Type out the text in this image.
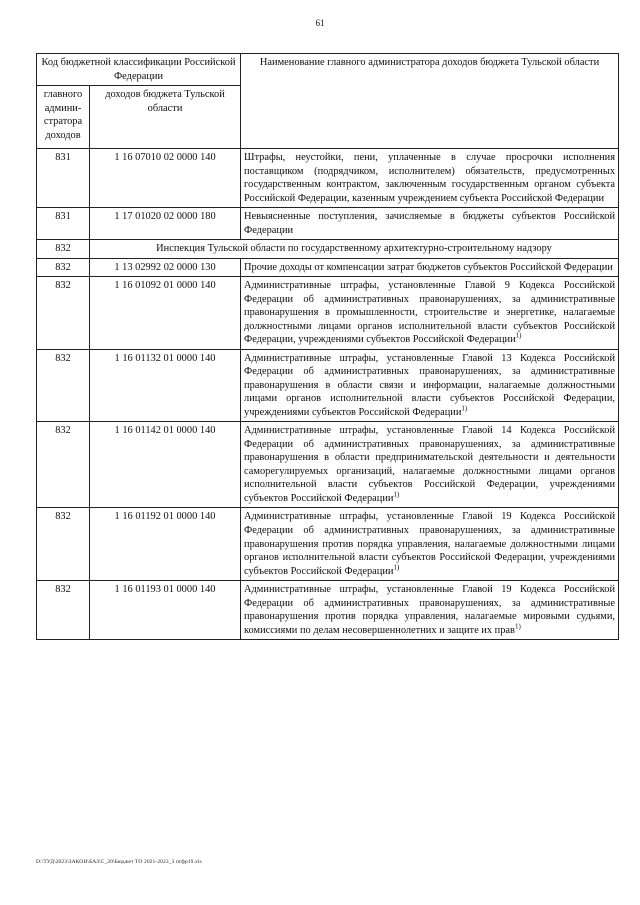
61
Код бюджетной классификации Российской Федерации		Наименование главного администратора доходов бюджета Тульской области
главного админи-стратора доходов	доходов бюджета Тульской области	
831	1 16 07010 02 0000 140	Штрафы, неустойки, пени, уплаченные в случае просрочки исполнения поставщиком (подрядчиком, исполнителем) обязательств, предусмотренных государственным контрактом, заключенным государственным органом субъекта Российской Федерации, казенным учреждением субъекта Российской Федерации
831	1 17 01020 02 0000 180	Невыясненные поступления, зачисляемые в бюджеты субъектов Российской Федерации
832	Инспекция Тульской области по государственному архитектурно-строительному надзору	
832	1 13 02992 02 0000 130	Прочие доходы от компенсации затрат бюджетов субъектов Российской Федерации
832	1 16 01092 01 0000 140	Административные штрафы, установленные Главой 9 Кодекса Российской Федерации об административных правонарушениях, за административные правонарушения в промышленности, строительстве и энергетике, налагаемые должностными лицами органов исполнительной власти субъектов Российской Федерации, учреждениями субъектов Российской Федерации$^{1)}$
832	1 16 01132 01 0000 140	Административные штрафы, установленные Главой 13 Кодекса Российской Федерации об административных правонарушениях, за административные правонарушения в области связи и информации, налагаемые должностными лицами органов исполнительной власти субъектов Российской Федерации, учреждениями субъектов Российской Федерации$^{1)}$
832	1 16 01142 01 0000 140	Административные штрафы, установленные Главой 14 Кодекса Российской Федерации об административных правонарушениях, за административные правонарушения в области предпринимательской деятельности и деятельности саморегулируемых организаций, налагаемые должностными лицами органов исполнительной власти субъектов Российской Федерации, учреждениями субъектов Российской Федерации$^{1)}$
832	1 16 01192 01 0000 140	Административные штрафы, установленные Главой 19 Кодекса Российской Федерации об административных правонарушениях, за административные правонарушения против порядка управления, налагаемые должностными лицами органов исполнительной власти субъектов Российской Федерации, учреждениями субъектов Российской Федерации$^{1)}$
832	1 16 01193 01 0000 140	Административные штрафы, установленные Главой 19 Кодекса Российской Федерации об административных правонарушениях, за административные правонарушения против порядка управления, налагаемые мировыми судьями, комиссиями по делам несовершеннолетних и защите их прав$^{1)}$
D:\ТУД\2023\ЗАКОН\БАЗ\С_20\Бюджет ТО 2021-2023_3 пгфр19.xls
